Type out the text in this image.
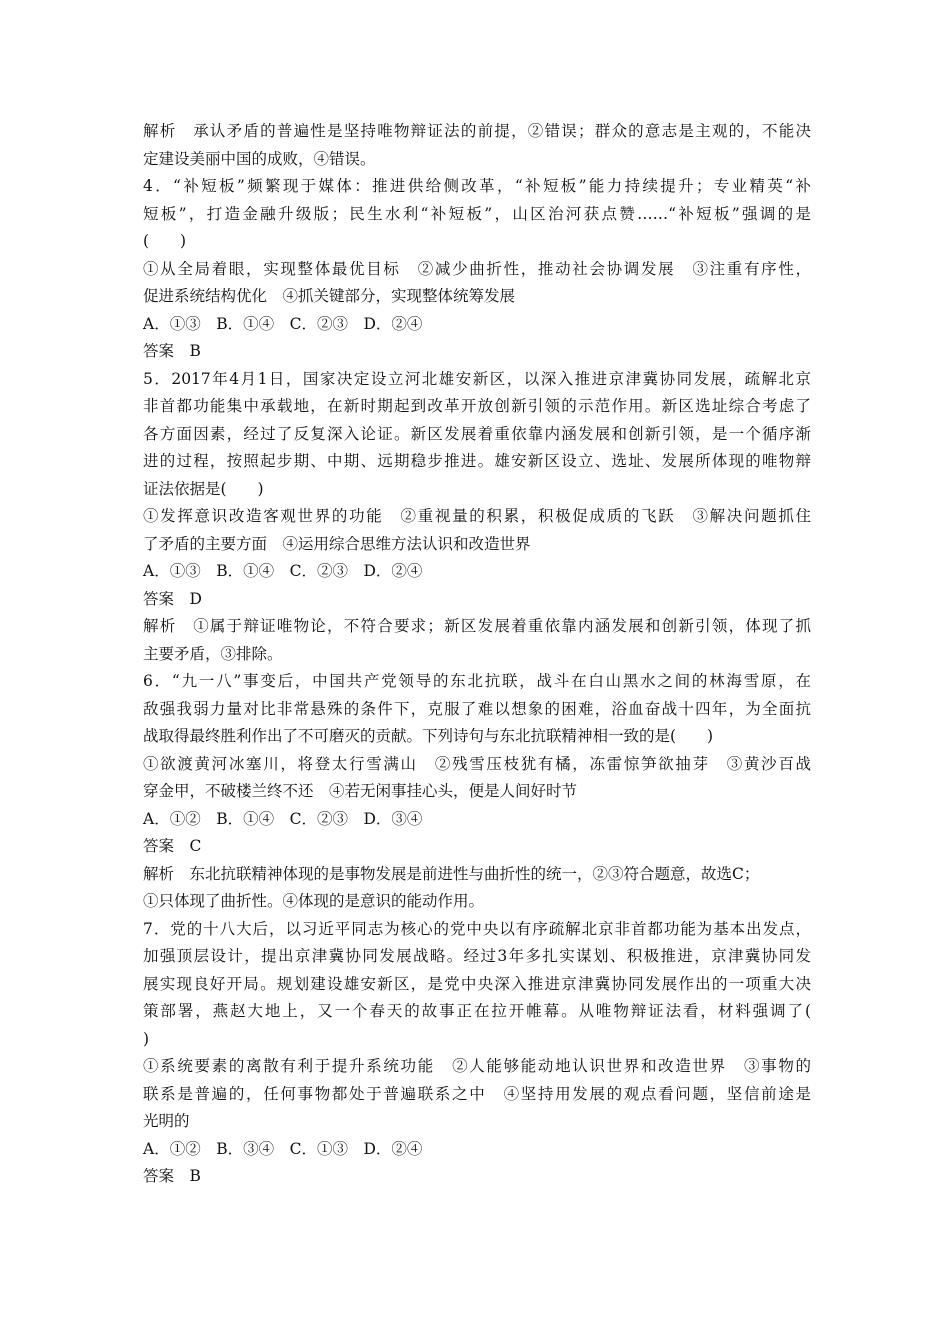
解析　承认矛盾的普遍性是坚持唯物辩证法的前提，②错误；群众的意志是主观的，不能决

定建设美丽中国的成败，④错误。

4．“补短板”频繁现于媒体：推进供给侧改革，“补短板”能力持续提升；专业精英“补

短板”，打造金融升级版；民生水利“补短板”，山区治河获点赞……“补短板”强调的是

(　　)

①从全局着眼，实现整体最优目标　②减少曲折性，推动社会协调发展　③注重有序性，

促进系统结构优化　④抓关键部分，实现整体统筹发展

A．①③　B．①④　C．②③　D．②④

答案　B

5．2017年4月1日，国家决定设立河北雄安新区，以深入推进京津冀协同发展，疏解北京

非首都功能集中承载地，在新时期起到改革开放创新引领的示范作用。新区选址综合考虑了

各方面因素，经过了反复深入论证。新区发展着重依靠内涵发展和创新引领，是一个循序渐

进的过程，按照起步期、中期、远期稳步推进。雄安新区设立、选址、发展所体现的唯物辩

证法依据是(　　)

①发挥意识改造客观世界的功能　②重视量的积累，积极促成质的飞跃　③解决问题抓住

了矛盾的主要方面　④运用综合思维方法认识和改造世界

A．①③　B．①④　C．②③　D．②④

答案　D

解析　①属于辩证唯物论，不符合要求；新区发展着重依靠内涵发展和创新引领，体现了抓

主要矛盾，③排除。

6．“九一八”事变后，中国共产党领导的东北抗联，战斗在白山黑水之间的林海雪原，在

敌强我弱力量对比非常悬殊的条件下，克服了难以想象的困难，浴血奋战十四年，为全面抗

战取得最终胜利作出了不可磨灭的贡献。下列诗句与东北抗联精神相一致的是(　　)

①欲渡黄河冰塞川，将登太行雪满山　②残雪压枝犹有橘，冻雷惊笋欲抽芽　③黄沙百战

穿金甲，不破楼兰终不还　④若无闲事挂心头，便是人间好时节

A．①②　B．①④　C．②③　D．③④

答案　C

解析　东北抗联精神体现的是事物发展是前进性与曲折性的统一，②③符合题意，故选C；

①只体现了曲折性。④体现的是意识的能动作用。

7．党的十八大后，以习近平同志为核心的党中央以有序疏解北京非首都功能为基本出发点，

加强顶层设计，提出京津冀协同发展战略。经过3年多扎实谋划、积极推进，京津冀协同发

展实现良好开局。规划建设雄安新区，是党中央深入推进京津冀协同发展作出的一项重大决

策部署，燕赵大地上，又一个春天的故事正在拉开帷幕。从唯物辩证法看，材料强调了(

)

①系统要素的离散有利于提升系统功能　②人能够能动地认识世界和改造世界　③事物的

联系是普遍的，任何事物都处于普遍联系之中　④坚持用发展的观点看问题，坚信前途是

光明的

A．①②　B．③④　C．①③　D．②④

答案　B
